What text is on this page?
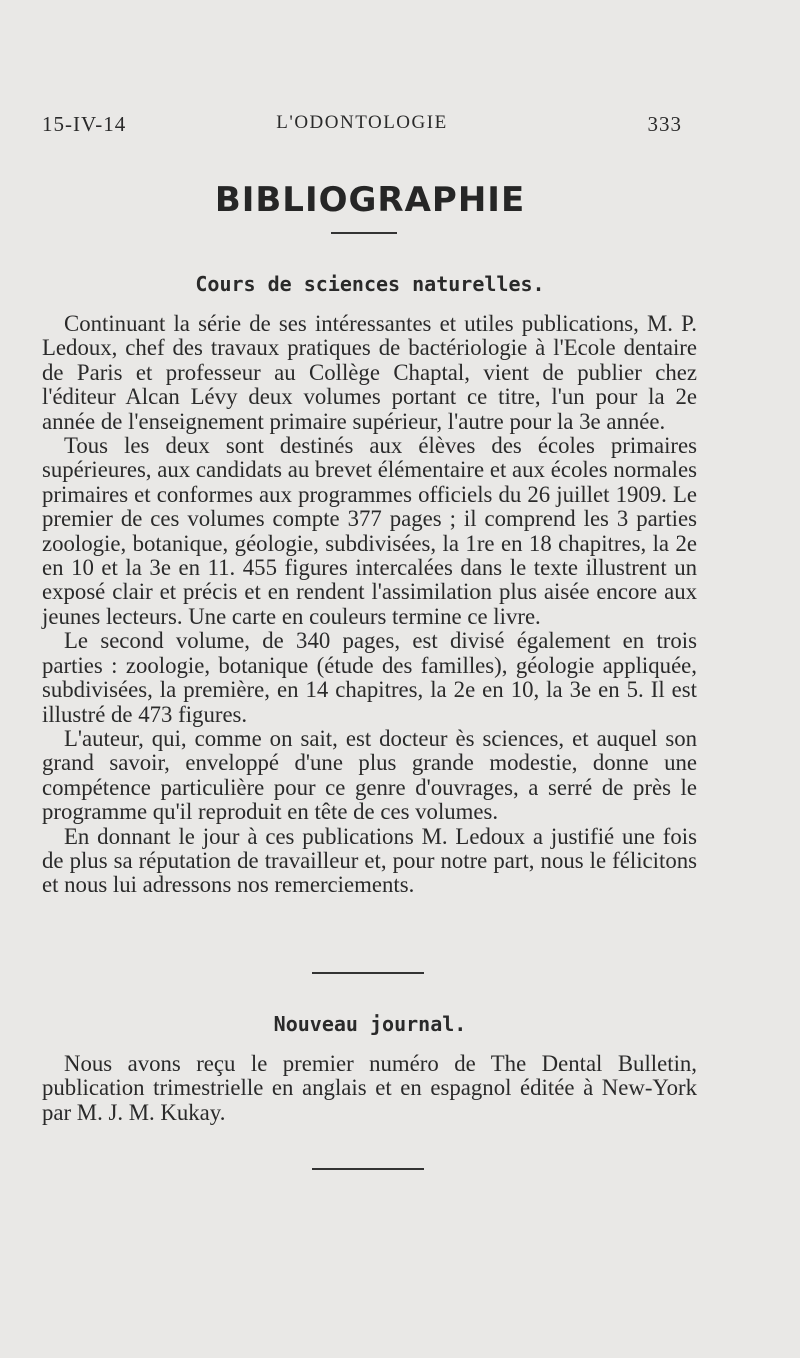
15-IV-14	L'ODONTOLOGIE	333
BIBLIOGRAPHIE
Cours de sciences naturelles.

Continuant la série de ses intéressantes et utiles publications, M. P. Ledoux, chef des travaux pratiques de bactériologie à l'Ecole dentaire de Paris et professeur au Collège Chaptal, vient de publier chez l'éditeur Alcan Lévy deux volumes portant ce titre, l'un pour la 2e année de l'enseignement primaire supérieur, l'autre pour la 3e année.

Tous les deux sont destinés aux élèves des écoles primaires supérieures, aux candidats au brevet élémentaire et aux écoles normales primaires et conformes aux programmes officiels du 26 juillet 1909. Le premier de ces volumes compte 377 pages ; il comprend les 3 parties zoologie, botanique, géologie, subdivisées, la 1re en 18 chapitres, la 2e en 10 et la 3e en 11. 455 figures intercalées dans le texte illustrent un exposé clair et précis et en rendent l'assimilation plus aisée encore aux jeunes lecteurs. Une carte en couleurs termine ce livre.

Le second volume, de 340 pages, est divisé également en trois parties : zoologie, botanique (étude des familles), géologie appliquée, subdivisées, la première, en 14 chapitres, la 2e en 10, la 3e en 5. Il est illustré de 473 figures.

L'auteur, qui, comme on sait, est docteur ès sciences, et auquel son grand savoir, enveloppé d'une plus grande modestie, donne une compétence particulière pour ce genre d'ouvrages, a serré de près le programme qu'il reproduit en tête de ces volumes.

En donnant le jour à ces publications M. Ledoux a justifié une fois de plus sa réputation de travailleur et, pour notre part, nous le félicitons et nous lui adressons nos remerciements.

Nouveau journal.

Nous avons reçu le premier numéro de The Dental Bulletin, publication trimestrielle en anglais et en espagnol éditée à New-York par M. J. M. Kukay.
